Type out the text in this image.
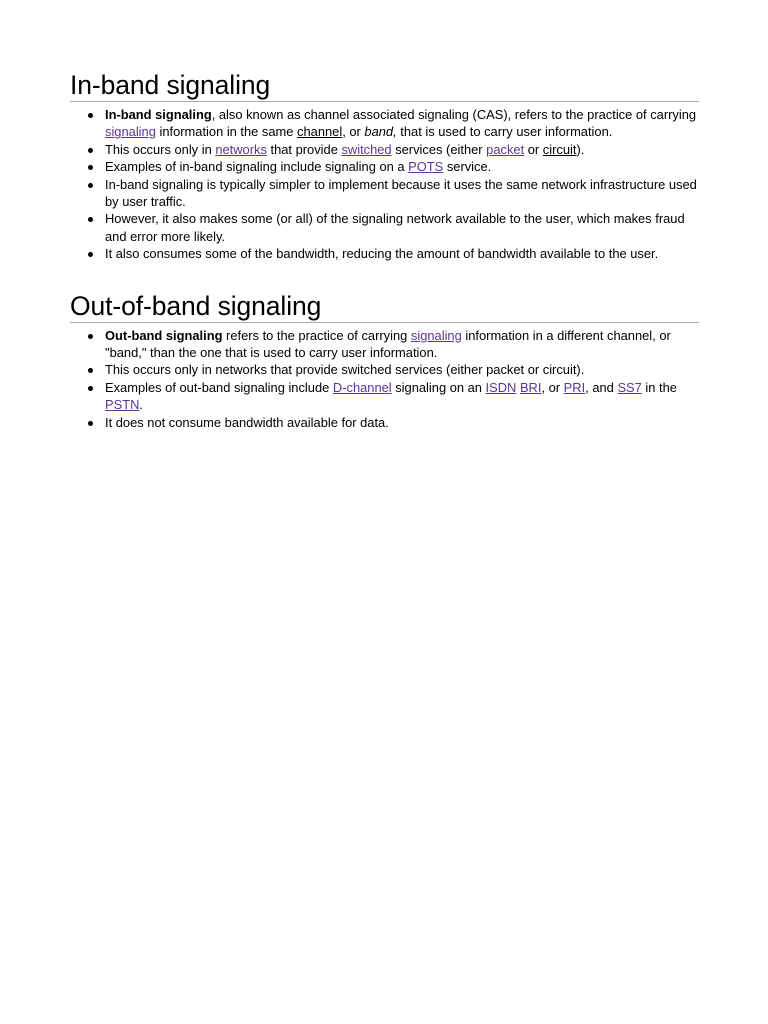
In-band signaling
In-band signaling, also known as channel associated signaling (CAS), refers to the practice of carrying signaling information in the same channel, or band, that is used to carry user information.
This occurs only in networks that provide switched services (either packet or circuit).
Examples of in-band signaling include signaling on a POTS service.
In-band signaling is typically simpler to implement because it uses the same network infrastructure used by user traffic.
However, it also makes some (or all) of the signaling network available to the user, which makes fraud and error more likely.
It also consumes some of the bandwidth, reducing the amount of bandwidth available to the user.
Out-of-band signaling
Out-band signaling refers to the practice of carrying signaling information in a different channel, or "band," than the one that is used to carry user information.
This occurs only in networks that provide switched services (either packet or circuit).
Examples of out-band signaling include D-channel signaling on an ISDN BRI, or PRI, and SS7 in the PSTN.
It does not consume bandwidth available for data.
